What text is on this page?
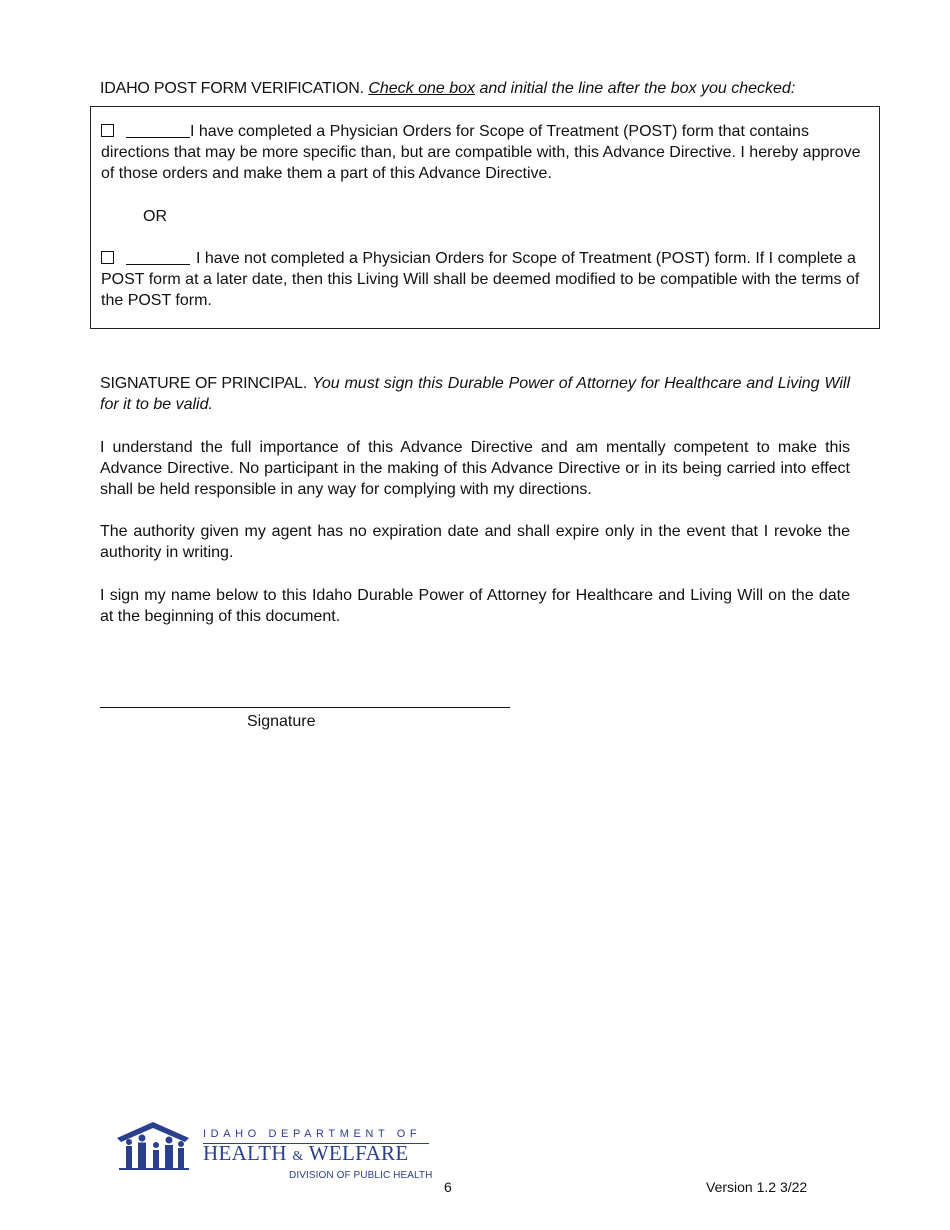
IDAHO POST FORM VERIFICATION. Check one box and initial the line after the box you checked:
I have completed a Physician Orders for Scope of Treatment (POST) form that contains directions that may be more specific than, but are compatible with, this Advance Directive. I hereby approve of those orders and make them a part of this Advance Directive.
OR
I have not completed a Physician Orders for Scope of Treatment (POST) form. If I complete a POST form at a later date, then this Living Will shall be deemed modified to be compatible with the terms of the POST form.
SIGNATURE OF PRINCIPAL. You must sign this Durable Power of Attorney for Healthcare and Living Will for it to be valid.
I understand the full importance of this Advance Directive and am mentally competent to make this Advance Directive. No participant in the making of this Advance Directive or in its being carried into effect shall be held responsible in any way for complying with my directions.
The authority given my agent has no expiration date and shall expire only in the event that I revoke the authority in writing.
I sign my name below to this Idaho Durable Power of Attorney for Healthcare and Living Will on the date at the beginning of this document.
Signature
IDAHO DEPARTMENT OF
HEALTH & WELFARE
DIVISION OF PUBLIC HEALTH
6	Version 1.2 3/22
